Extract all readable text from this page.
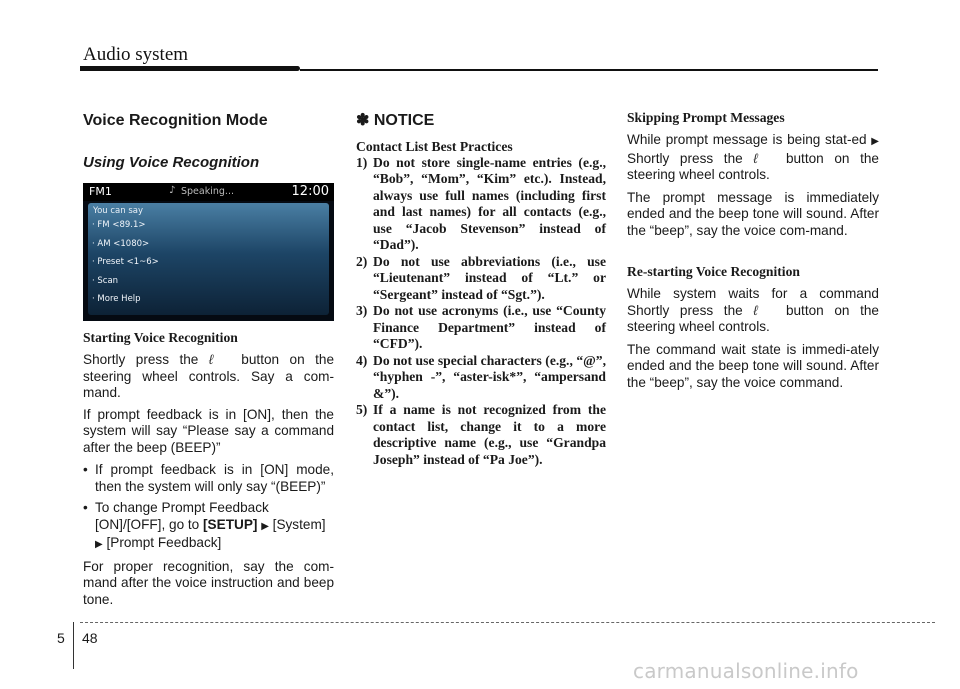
Audio system
Voice Recognition Mode
Using Voice Recognition
FM1	♪ Speaking...	12:00
You can say
· FM <89.1>
· AM <1080>
· Preset <1~6>
· Scan
· More Help
Starting Voice Recognition

Shortly press the ℓ button on the steering wheel controls. Say a com-mand.

If prompt feedback is in [ON], then the system will say “Please say a command after the beep (BEEP)”

• If prompt feedback is in [ON] mode, then the system will only say “(BEEP)”
• To change Prompt Feedback [ON]/[OFF], go to [SETUP] ▶ [System] ▶ [Prompt Feedback]

For proper recognition, say the com-mand after the voice instruction and beep tone.

✽ NOTICE
Contact List Best Practices
1) Do not store single-name entries (e.g., “Bob”, “Mom”, “Kim” etc.). Instead, always use full names (including first and last names) for all contacts (e.g., use “Jacob Stevenson” instead of “Dad”).
2) Do not use abbreviations (i.e., use “Lieutenant” instead of “Lt.” or “Sergeant” instead of “Sgt.”).
3) Do not use acronyms (i.e., use “County Finance Department” instead of “CFD”).
4) Do not use special characters (e.g., “@”, “hyphen -”, “aster-isk*”, “ampersand &”).
5) If a name is not recognized from the contact list, change it to a more descriptive name (e.g., use “Grandpa Joseph” instead of “Pa Joe”).
Skipping Prompt Messages

While prompt message is being stat-ed ▶ Shortly press the ℓ button on the steering wheel controls.

The prompt message is immediately ended and the beep tone will sound. After the “beep”, say the voice com-mand.

Re-starting Voice Recognition

While system waits for a command Shortly press the ℓ button on the steering wheel controls.

The command wait state is immedi-ately ended and the beep tone will sound. After the “beep”, say the voice command.

5 48
carmanualsonline.info
